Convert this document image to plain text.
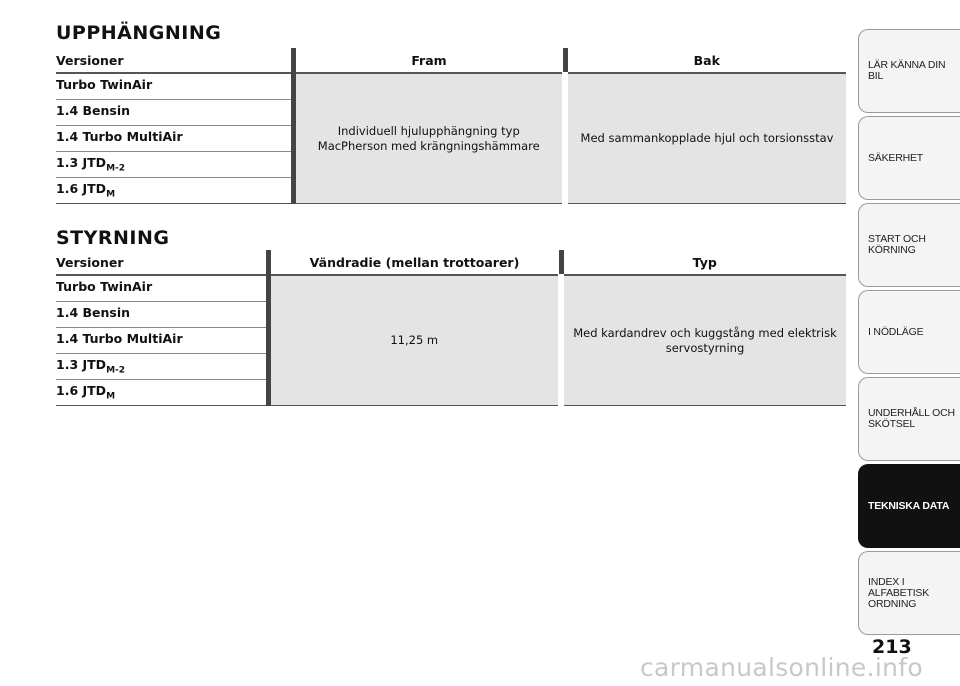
UPPHÄNGNING
Versioner	Fram	Bak
Turbo TwinAir	Individuell hjulupphängning typ MacPherson med krängningshämmare	Med sammankopplade hjul och torsionsstav
1.4 Bensin		
1.4 Turbo MultiAir		
1.3 $JTD_{M-2}$
1.6 $JTD_M$
STYRNING
Versioner	Vändradie (mellan trottoarer)	Typ
Turbo TwinAir	11,25 m	Med kardandrev och kuggstång med elektrisk servostyrning
1.4 Bensin		
1.4 Turbo MultiAir		
1.3 $JTD_{M-2}$
1.6 $JTD_M$
LÄR KÄNNA DIN BIL
SÄKERHET
START OCH
KÖRNING
I NÖDLÄGE
UNDERHÅLL OCH
SKÖTSEL
TEKNISKA DATA
INDEX I ALFABETISK
ORDNING
213
carmanualsonline.info
